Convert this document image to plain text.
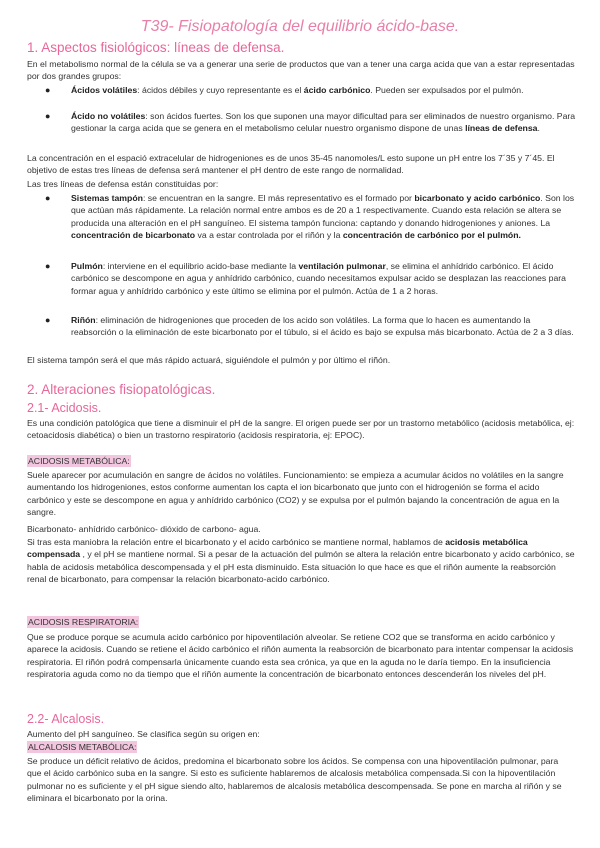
T39- Fisiopatología del equilibrio ácido-base.
1. Aspectos fisiológicos: líneas de defensa.

En el metabolismo normal de la célula se va a generar una serie de productos que van a tener una carga acida que van a estar representadas por dos grandes grupos:

● Ácidos volátiles: ácidos débiles y cuyo representante es el ácido carbónico. Pueden ser expulsados por el pulmón.

● Ácido no volátiles: son ácidos fuertes. Son los que suponen una mayor dificultad para ser eliminados de nuestro organismo. Para gestionar la carga acida que se genera en el metabolismo celular nuestro organismo dispone de unas líneas de defensa.

La concentración en el espació extracelular de hidrogeniones es de unos 35-45 nanomoles/L esto supone un pH entre los 7´35 y 7´45. El objetivo de estas tres líneas de defensa será mantener el pH dentro de este rango de normalidad.

Las tres líneas de defensa están constituidas por:

● Sistemas tampón: se encuentran en la sangre. El más representativo es el formado por bicarbonato y acido carbónico. Son los que actúan más rápidamente. La relación normal entre ambos es de 20 a 1 respectivamente. Cuando esta relación se altera se producida una alteración en el pH sanguíneo. El sistema tampón funciona: captando y donando hidrogeniones y aniones. La concentración de bicarbonato va a estar controlada por el riñón y la concentración de carbónico por el pulmón.

● Pulmón: interviene en el equilibrio acido-base mediante la ventilación pulmonar, se elimina el anhídrido carbónico. El ácido carbónico se descompone en agua y anhídrido carbónico, cuando necesitamos expulsar acido se desplazan las reacciones para formar agua y anhídrido carbónico y este último se elimina por el pulmón. Actúa de 1 a 2 horas.

● Riñón: eliminación de hidrogeniones que proceden de los acido son volátiles. La forma que lo hacen es aumentando la reabsorción o la eliminación de este bicarbonato por el túbulo, si el ácido es bajo se expulsa más bicarbonato. Actúa de 2 a 3 días.

El sistema tampón será el que más rápido actuará, siguiéndole el pulmón y por último el riñón.

2. Alteraciones fisiopatológicas.
2.1- Acidosis.

Es una condición patológica que tiene a disminuir el pH de la sangre. El origen puede ser por un trastorno metabólico (acidosis metabólica, ej: cetoacidosis diabética) o bien un trastorno respiratorio (acidosis respiratoria, ej: EPOC).

ACIDOSIS METABÓLICA:

Suele aparecer por acumulación en sangre de ácidos no volátiles. Funcionamiento: se empieza a acumular ácidos no volátiles en la sangre aumentando los hidrogeniones, estos conforme aumentan los capta el ion bicarbonato que junto con el hidrogenión se forma el acido carbónico y este se descompone en agua y anhídrido carbónico (CO2) y se expulsa por el pulmón bajando la concentración de agua en la sangre.

Bicarbonato- anhídrido carbónico- dióxido de carbono- agua.

Si tras esta maniobra la relación entre el bicarbonato y el acido carbónico se mantiene normal, hablamos de acidosis metabólica compensada , y el pH se mantiene normal. Si a pesar de la actuación del pulmón se altera la relación entre bicarbonato y acido carbónico, se habla de acidosis metabólica descompensada y el pH esta disminuido. Esta situación lo que hace es que el riñón aumente la reabsorción renal de bicarbonato, para compensar la relación bicarbonato-acido carbónico.

ACIDOSIS RESPIRATORIA:

Que se produce porque se acumula acido carbónico por hipoventilación alveolar. Se retiene CO2 que se transforma en acido carbónico y aparece la acidosis. Cuando se retiene el ácido carbónico el riñón aumenta la reabsorción de bicarbonato para intentar compensar la acidosis respiratoria. El riñón podrá compensarla únicamente cuando esta sea crónica, ya que en la aguda no le daría tiempo. En la insuficiencia respiratoria aguda como no da tiempo que el riñón aumente la concentración de bicarbonato entonces descenderán los niveles del pH.

2.2- Alcalosis.

Aumento del pH sanguíneo. Se clasifica según su origen en:

ALCALOSIS METABÓLICA:

Se produce un déficit relativo de ácidos, predomina el bicarbonato sobre los ácidos. Se compensa con una hipoventilación pulmonar, para que el ácido carbónico suba en la sangre. Si esto es suficiente hablaremos de alcalosis metabólica compensada.Si con la hipoventilación pulmonar no es suficiente y el pH sigue siendo alto, hablaremos de alcalosis metabólica descompensada. Se pone en marcha al riñón y se eliminara el bicarbonato por la orina.
